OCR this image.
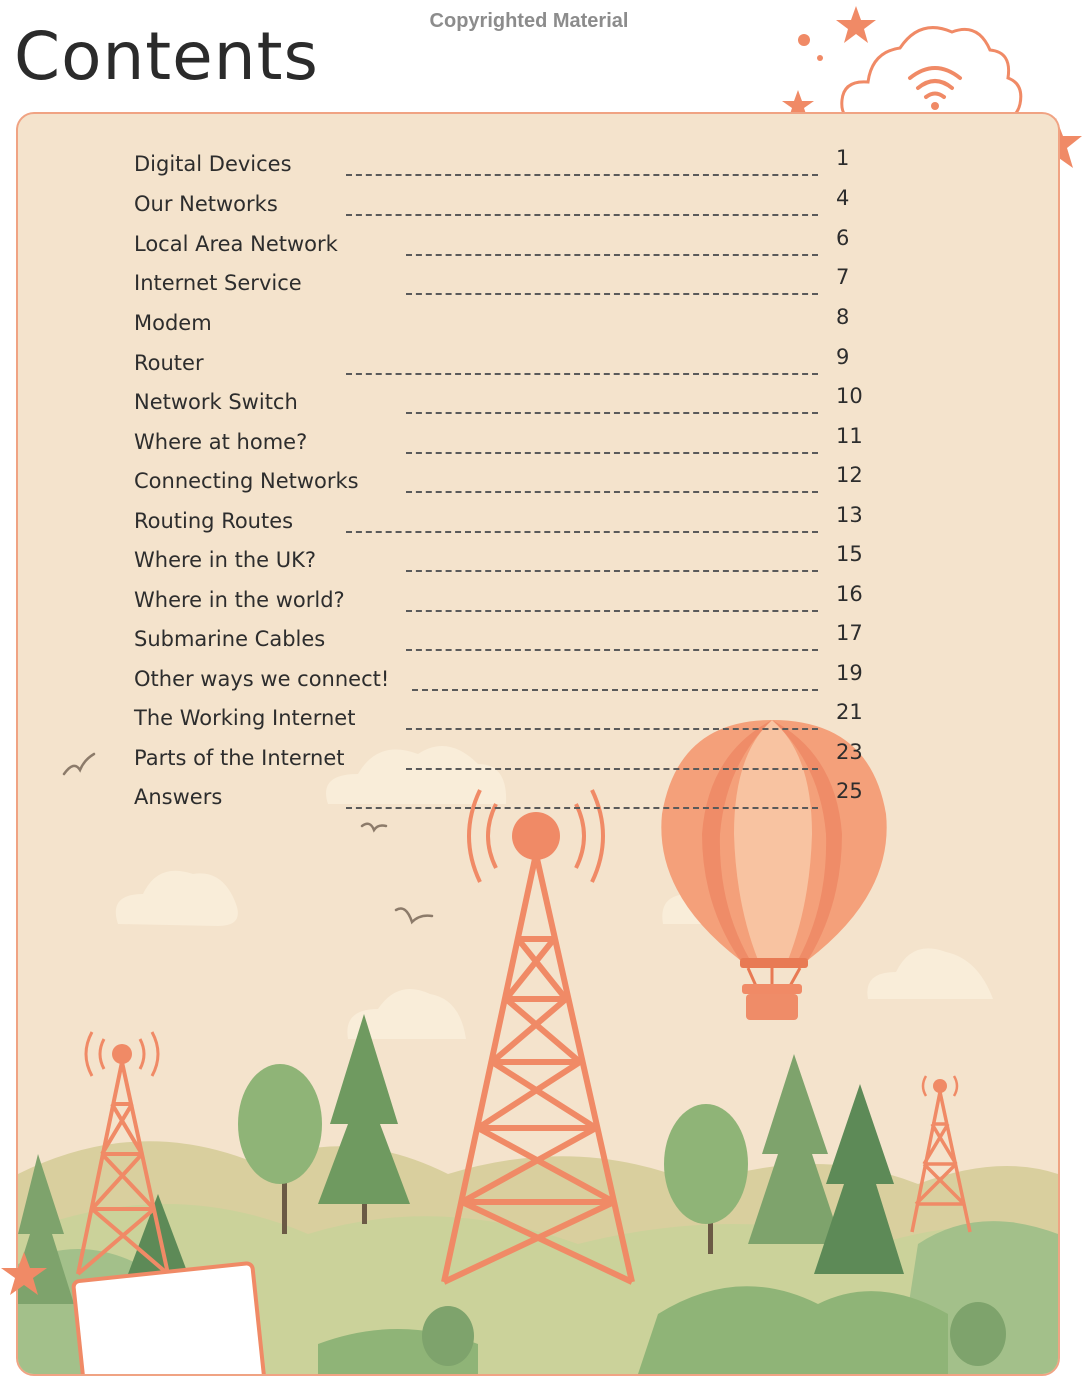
Copyrighted Material
Contents
Digital Devices	1
Our Networks	4
Local Area Network	6
Internet Service	7
Modem	8
Router	9
Network Switch	10
Where at home?	11
Connecting Networks	12
Routing Routes	13
Where in the UK?	15
Where in the world?	16
Submarine Cables	17
Other ways we connect!	19
The Working Internet	21
Parts of the Internet	23
Answers	25
